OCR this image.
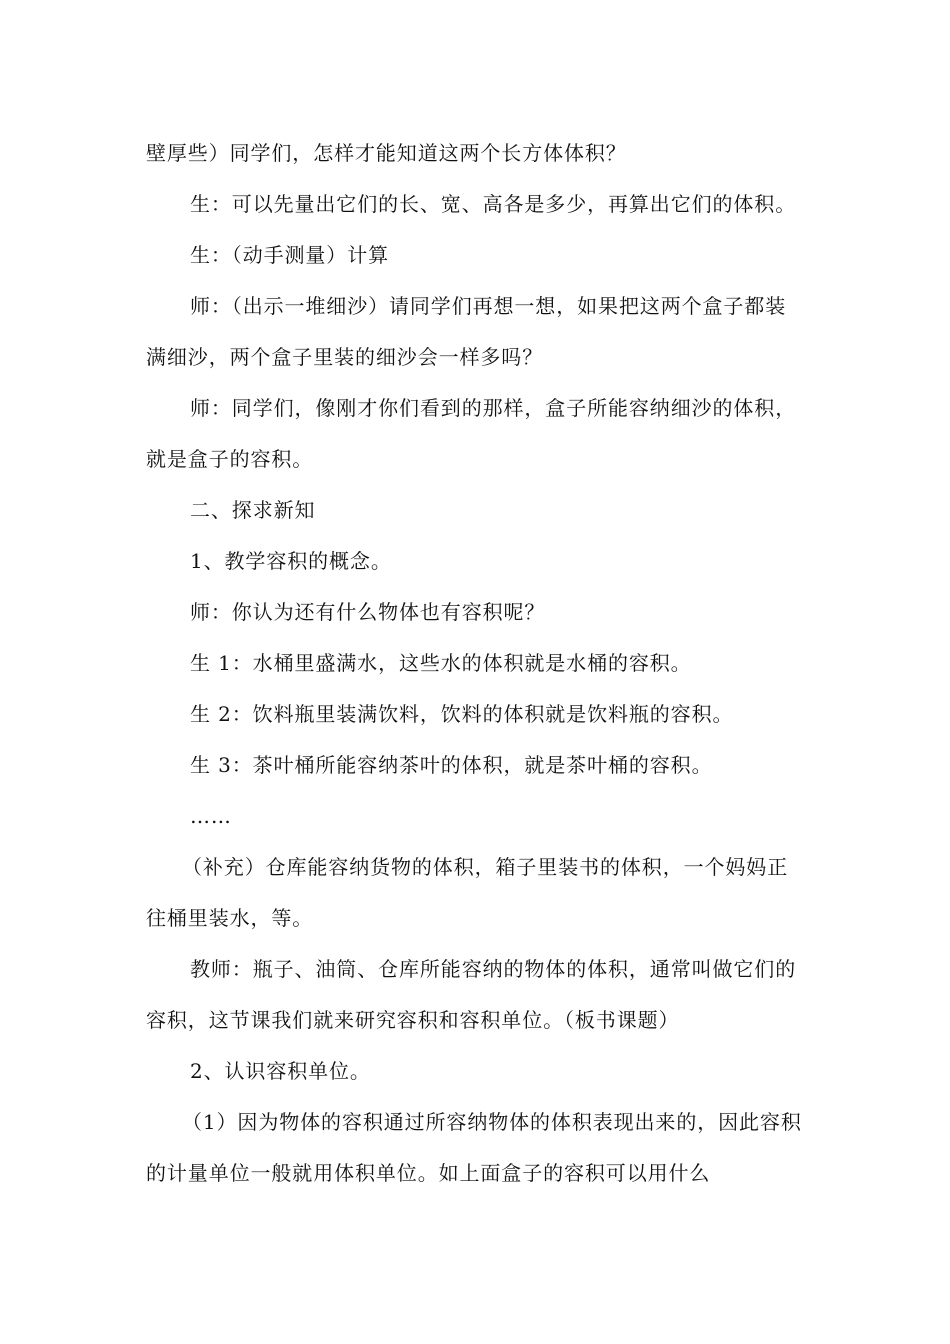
壁厚些）同学们，怎样才能知道这两个长方体体积？

生：可以先量出它们的长、宽、高各是多少，再算出它们的体积。

生：（动手测量）计算

师：（出示一堆细沙）请同学们再想一想，如果把这两个盒子都装满细沙，两个盒子里装的细沙会一样多吗？

师：同学们，像刚才你们看到的那样，盒子所能容纳细沙的体积，就是盒子的容积。

二、探求新知

1、教学容积的概念。

师：你认为还有什么物体也有容积呢？

生 1：水桶里盛满水，这些水的体积就是水桶的容积。

生 2：饮料瓶里装满饮料，饮料的体积就是饮料瓶的容积。

生 3：茶叶桶所能容纳茶叶的体积，就是茶叶桶的容积。

……

（补充）仓库能容纳货物的体积，箱子里装书的体积，一个妈妈正往桶里装水，等。

教师：瓶子、油筒、仓库所能容纳的物体的体积，通常叫做它们的容积，这节课我们就来研究容积和容积单位。（板书课题）

2、认识容积单位。

（1）因为物体的容积通过所容纳物体的体积表现出来的，因此容积的计量单位一般就用体积单位。如上面盒子的容积可以用什么
